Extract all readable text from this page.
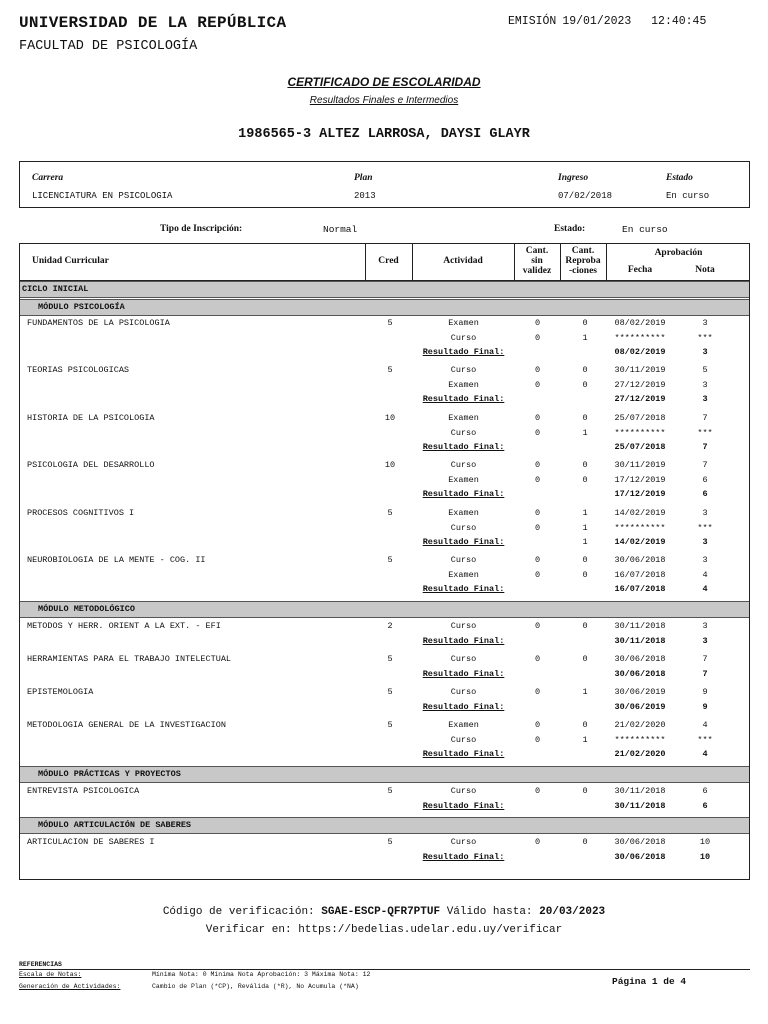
UNIVERSIDAD DE LA REPÚBLICA
FACULTAD DE PSICOLOGÍA
EMISIÓN 19/01/2023 12:40:45
CERTIFICADO DE ESCOLARIDAD
Resultados Finales e Intermedios
1986565-3 ALTEZ LARROSA, DAYSI GLAYR
Carrera	Plan	Ingreso	Estado
LICENCIATURA EN PSICOLOGIA	2013	07/02/2018	En curso
Tipo de Inscripción:	Normal	Estado:	En curso
Unidad Curricular	Cred	Actividad
Cant.
sin
validez
Cant.
Reproba
-ciones
Aprobación
Fecha	Nota
CICLO INICIAL
MÓDULO PSICOLOGÍA
MÓDULO METODOLÓGICO
MÓDULO PRÁCTICAS Y PROYECTOS
MÓDULO ARTICULACIÓN DE SABERES
FUNDAMENTOS DE LA PSICOLOGIA	5	Examen	0	0	08/02/2019	3
Curso	0	1	**********	***
Resultado Final:	08/02/2019	3
TEORIAS PSICOLOGICAS	5	Curso	0	0	30/11/2019	5
Examen	0	0	27/12/2019	3
Resultado Final:	27/12/2019	3
HISTORIA DE LA PSICOLOGIA	10	Examen	0	0	25/07/2018	7
Curso	0	1	**********	***
Resultado Final:	25/07/2018	7
PSICOLOGIA DEL DESARROLLO	10	Curso	0	0	30/11/2019	7
Examen	0	0	17/12/2019	6
Resultado Final:	17/12/2019	6
PROCESOS COGNITIVOS I	5	Examen	0	1	14/02/2019	3
Curso	0	1	**********	***
Resultado Final:	1	14/02/2019	3
NEUROBIOLOGIA DE LA MENTE - COG. II	5	Curso	0	0	30/06/2018	3
Examen	0	0	16/07/2018	4
Resultado Final:	16/07/2018	4
METODOS Y HERR. ORIENT A LA EXT. - EFI	2	Curso	0	0	30/11/2018	3
Resultado Final:	30/11/2018	3
HERRAMIENTAS PARA EL TRABAJO INTELECTUAL	5	Curso	0	0	30/06/2018	7
Resultado Final:	30/06/2018	7
EPISTEMOLOGIA	5	Curso	0	1	30/06/2019	9
Resultado Final:	30/06/2019	9
METODOLOGIA GENERAL DE LA INVESTIGACION	5	Examen	0	0	21/02/2020	4
Curso	0	1	**********	***
Resultado Final:	21/02/2020	4
ENTREVISTA PSICOLOGICA	5	Curso	0	0	30/11/2018	6
Resultado Final:	30/11/2018	6
ARTICULACION DE SABERES I	5	Curso	0	0	30/06/2018	10
Resultado Final:	30/06/2018	10
Código de verificación: SGAE-ESCP-QFR7PTUF Válido hasta: 20/03/2023
Verificar en: https://bedelias.udelar.edu.uy/verificar
REFERENCIAS
Escala de Notas:	Mínima Nota: 0 Mínima Nota Aprobación: 3 Máxima Nota: 12
Generación de Actividades:	Cambio de Plan (*CP), Reválida (*R), No Acumula (*NA)	Página 1 de 4
